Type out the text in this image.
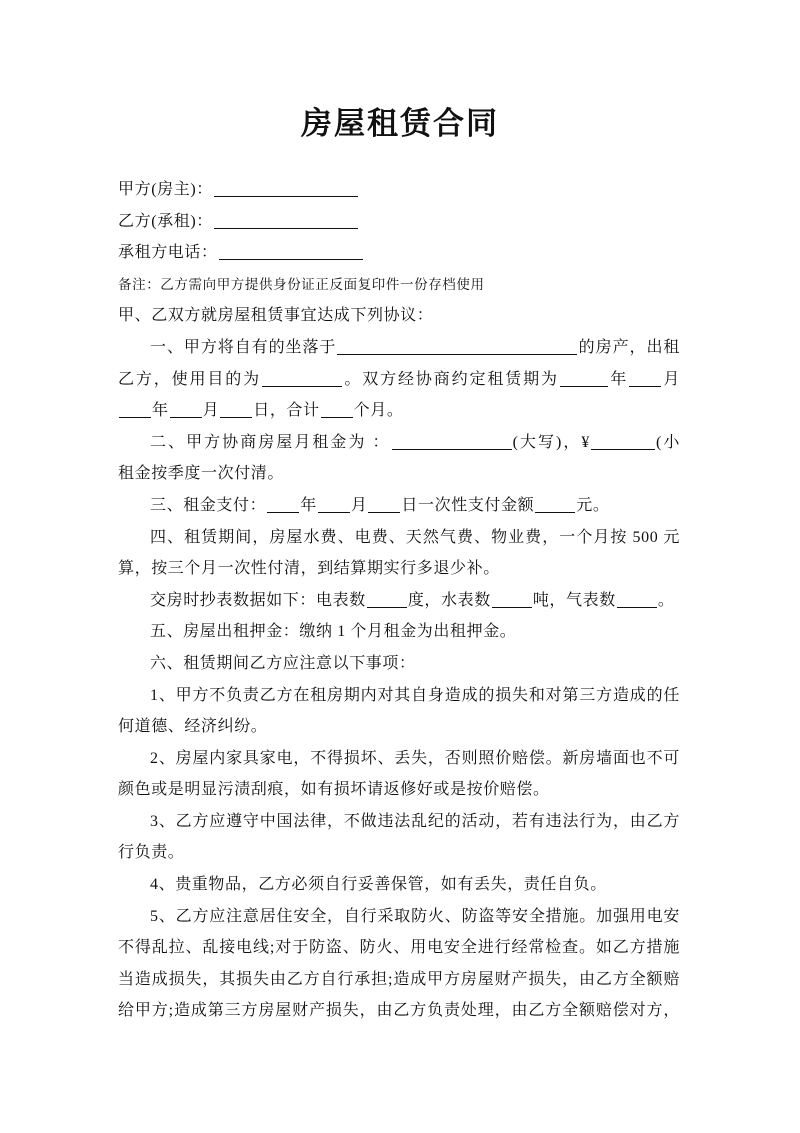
房屋租赁合同
甲方(房主)：
乙方(承租)：
承租方电话：
备注：乙方需向甲方提供身份证正反面复印件一份存档使用
甲、乙双方就房屋租赁事宜达成下列协议：
一、甲方将自有的坐落于	的房产，出租
乙方，使用目的为	。双方经协商约定租赁期为	年 月
年 月 日，合计 个月。
二、甲方协商房屋月租金为 ：	(大写)，¥	(小
租金按季度一次付清。
三、租金支付： 年 月 日一次性支付金额	元。
四、租赁期间，房屋水费、电费、天然气费、物业费，一个月按 500 元
算，按三个月一次性付清，到结算期实行多退少补。
交房时抄表数据如下：电表数	度，水表数	吨，气表数	。
五、房屋出租押金：缴纳 1 个月租金为出租押金。
六、租赁期间乙方应注意以下事项：
1、甲方不负责乙方在租房期内对其自身造成的损失和对第三方造成的任
何道德、经济纠纷。
2、房屋内家具家电，不得损坏、丢失，否则照价赔偿。新房墙面也不可
颜色或是明显污渍刮痕，如有损坏请返修好或是按价赔偿。
3、乙方应遵守中国法律，不做违法乱纪的活动，若有违法行为，由乙方
行负责。
4、贵重物品，乙方必须自行妥善保管，如有丢失，责任自负。
5、乙方应注意居住安全，自行采取防火、防盗等安全措施。加强用电安
不得乱拉、乱接电线;对于防盗、防火、用电安全进行经常检查。如乙方措施
当造成损失，其损失由乙方自行承担;造成甲方房屋财产损失，由乙方全额赔
给甲方;造成第三方房屋财产损失，由乙方负责处理，由乙方全额赔偿对方，
